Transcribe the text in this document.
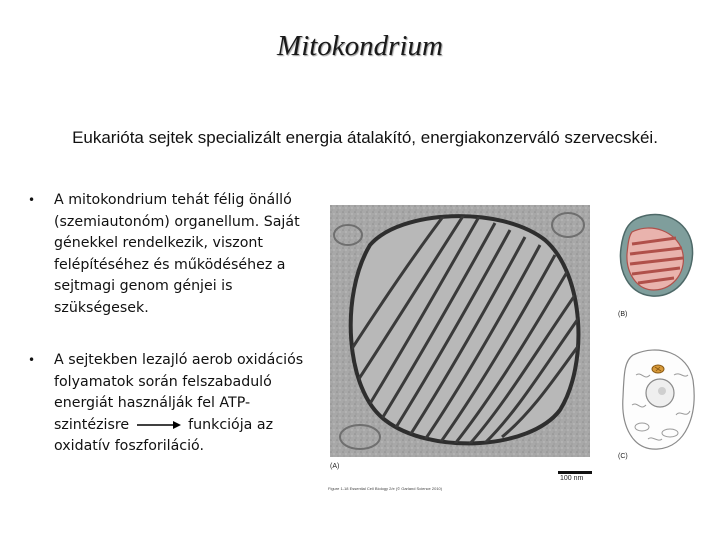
Mitokondrium
Eukarióta sejtek specializált energia átalakító, energiakonzerváló szervecskéi.
• A mitokondrium tehát félig önálló (szemiautonóm) organellum. Saját génekkel rendelkezik, viszont felépítéséhez és működéséhez a sejtmagi genom génjei is szükségesek.
• A sejtekben lezajló aerob oxidációs folyamatok során felszabaduló energiát használják fel ATP-szintézisre	funkciója az oxidatív foszforiláció.
(B)
(C)
(A)
100 nm
Figure 1-18 Essential Cell Biology 2/e (© Garland Science 2010)
